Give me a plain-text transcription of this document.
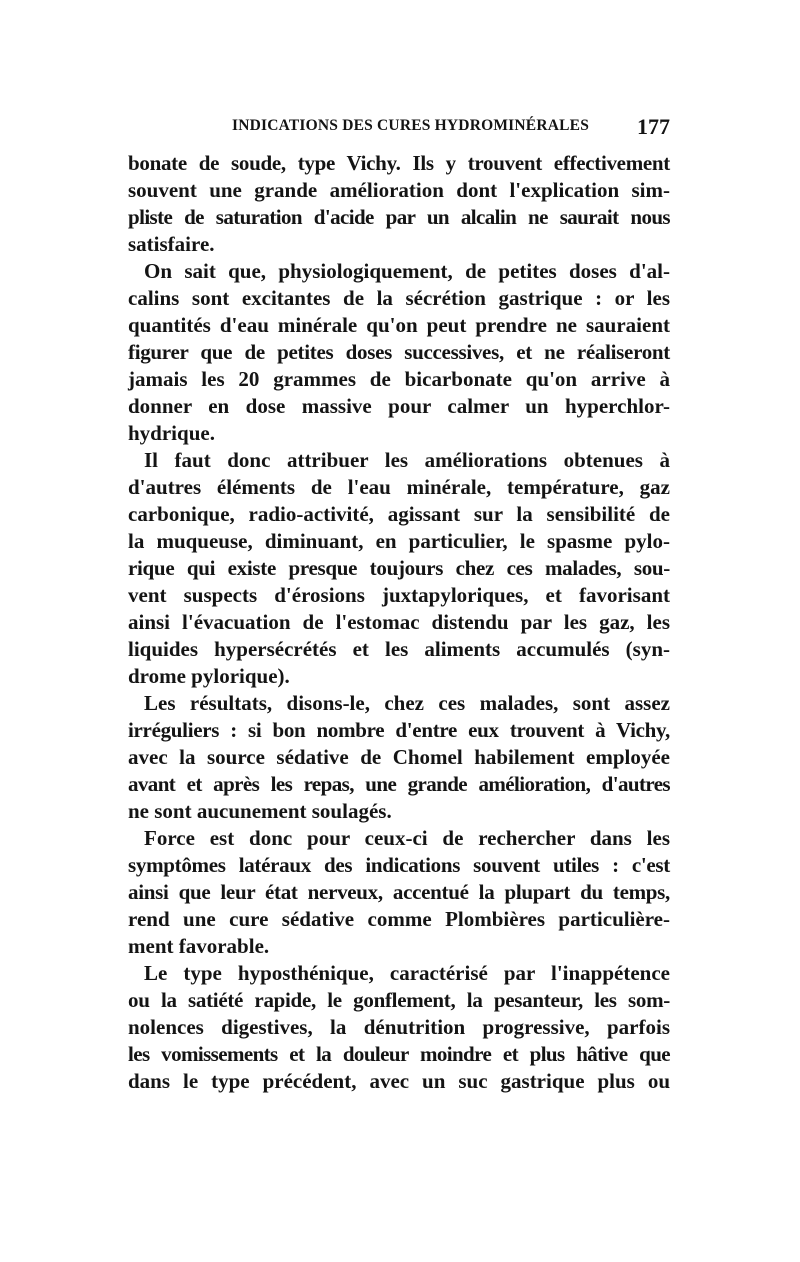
INDICATIONS DES CURES HYDROMINÉRALES 177
bonate de soude, type Vichy. Ils y trouvent effectivement
souvent une grande amélioration dont l'explication sim-
pliste de saturation d'acide par un alcalin ne saurait nous
satisfaire.
On sait que, physiologiquement, de petites doses d'al-
calins sont excitantes de la sécrétion gastrique : or les
quantités d'eau minérale qu'on peut prendre ne sauraient
figurer que de petites doses successives, et ne réaliseront
jamais les 20 grammes de bicarbonate qu'on arrive à
donner en dose massive pour calmer un hyperchlor-
hydrique.
Il faut donc attribuer les améliorations obtenues à
d'autres éléments de l'eau minérale, température, gaz
carbonique, radio-activité, agissant sur la sensibilité de
la muqueuse, diminuant, en particulier, le spasme pylo-
rique qui existe presque toujours chez ces malades, sou-
vent suspects d'érosions juxtapyloriques, et favorisant
ainsi l'évacuation de l'estomac distendu par les gaz, les
liquides hypersécrétés et les aliments accumulés (syn-
drome pylorique).
Les résultats, disons-le, chez ces malades, sont assez
irréguliers : si bon nombre d'entre eux trouvent à Vichy,
avec la source sédative de Chomel habilement employée
avant et après les repas, une grande amélioration, d'autres
ne sont aucunement soulagés.
Force est donc pour ceux-ci de rechercher dans les
symptômes latéraux des indications souvent utiles : c'est
ainsi que leur état nerveux, accentué la plupart du temps,
rend une cure sédative comme Plombières particulière-
ment favorable.
Le type hyposthénique, caractérisé par l'inappétence
ou la satiété rapide, le gonflement, la pesanteur, les som-
nolences digestives, la dénutrition progressive, parfois
les vomissements et la douleur moindre et plus hâtive que
dans le type précédent, avec un suc gastrique plus ou
